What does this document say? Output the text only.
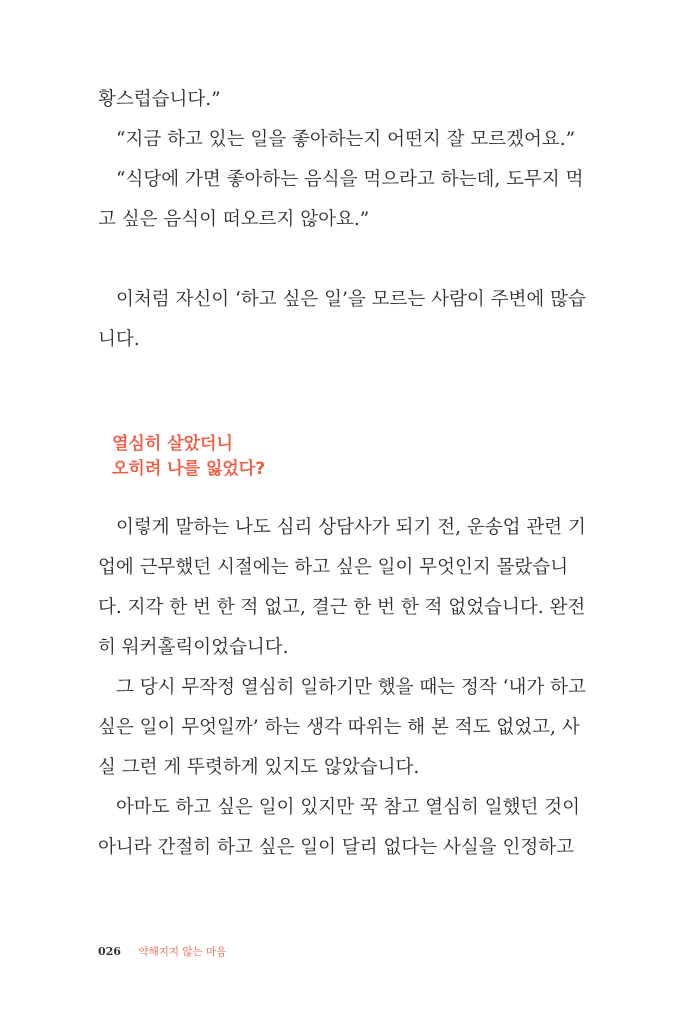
황스럽습니다.”
“지금 하고 있는 일을 좋아하는지 어떤지 잘 모르겠어요.”
“식당에 가면 좋아하는 음식을 먹으라고 하는데, 도무지 먹
고 싶은 음식이 떠오르지 않아요.”
이처럼 자신이 ‘하고 싶은 일’을 모르는 사람이 주변에 많습
니다.
열심히 살았더니
오히려 나를 잃었다?
이렇게 말하는 나도 심리 상담사가 되기 전, 운송업 관련 기
업에 근무했던 시절에는 하고 싶은 일이 무엇인지 몰랐습니
다. 지각 한 번 한 적 없고, 결근 한 번 한 적 없었습니다. 완전
히 워커홀릭이었습니다.
그 당시 무작정 열심히 일하기만 했을 때는 정작 ‘내가 하고
싶은 일이 무엇일까’ 하는 생각 따위는 해 본 적도 없었고, 사
실 그런 게 뚜렷하게 있지도 않았습니다.
아마도 하고 싶은 일이 있지만 꾹 참고 열심히 일했던 것이
아니라 간절히 하고 싶은 일이 달리 없다는 사실을 인정하고
026 약해지지 않는 마음
